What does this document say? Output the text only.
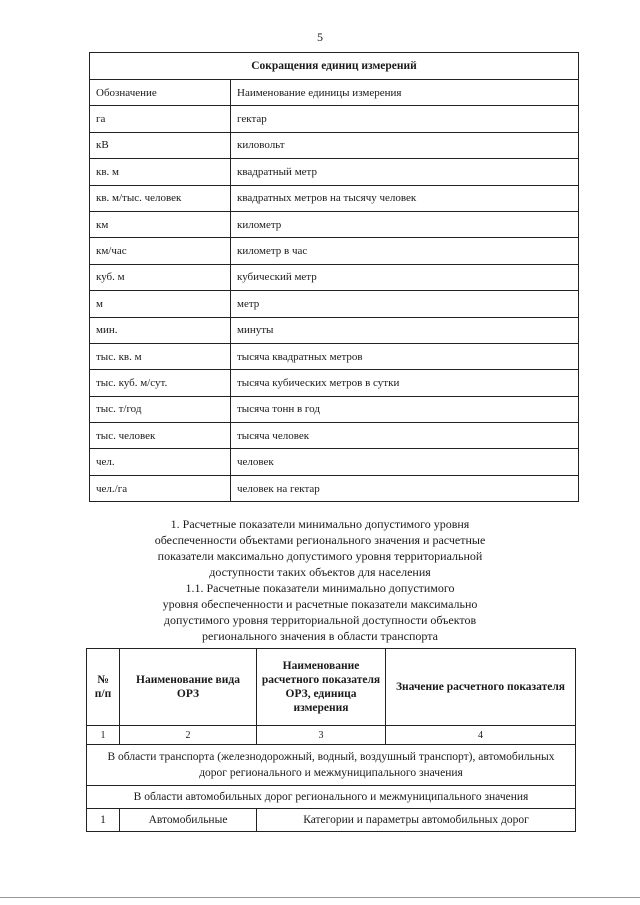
5
Сокращения единиц измерений	
Обозначение	Наименование единицы измерения
га	гектар
кВ	киловольт
кв. м	квадратный метр
кв. м/тыс. человек	квадратных метров на тысячу человек
км	километр
км/час	километр в час
куб. м	кубический метр
м	метр
мин.	минуты
тыс. кв. м	тысяча квадратных метров
тыс. куб. м/сут.	тысяча кубических метров в сутки
тыс. т/год	тысяча тонн в год
тыс. человек	тысяча человек
чел.	человек
чел./га	человек на гектар

1. Расчетные показатели минимально допустимого уровня

обеспеченности объектами регионального значения и расчетные

показатели максимально допустимого уровня территориальной

доступности таких объектов для населения

1.1. Расчетные показатели минимально допустимого

уровня обеспеченности и расчетные показатели максимально

допустимого уровня территориальной доступности объектов

регионального значения в области транспорта

№ п/п	Наименование вида ОРЗ	Наименование расчетного показателя ОРЗ, единица измерения	Значение расчетного показателя
1	2	3	4
В области транспорта (железнодорожный, водный, воздушный транспорт), автомобильных дорог регионального и межмуниципального значения			
В области автомобильных дорог регионального и межмуниципального значения			
1	Автомобильные	Категории и параметры автомобильных дорог	
